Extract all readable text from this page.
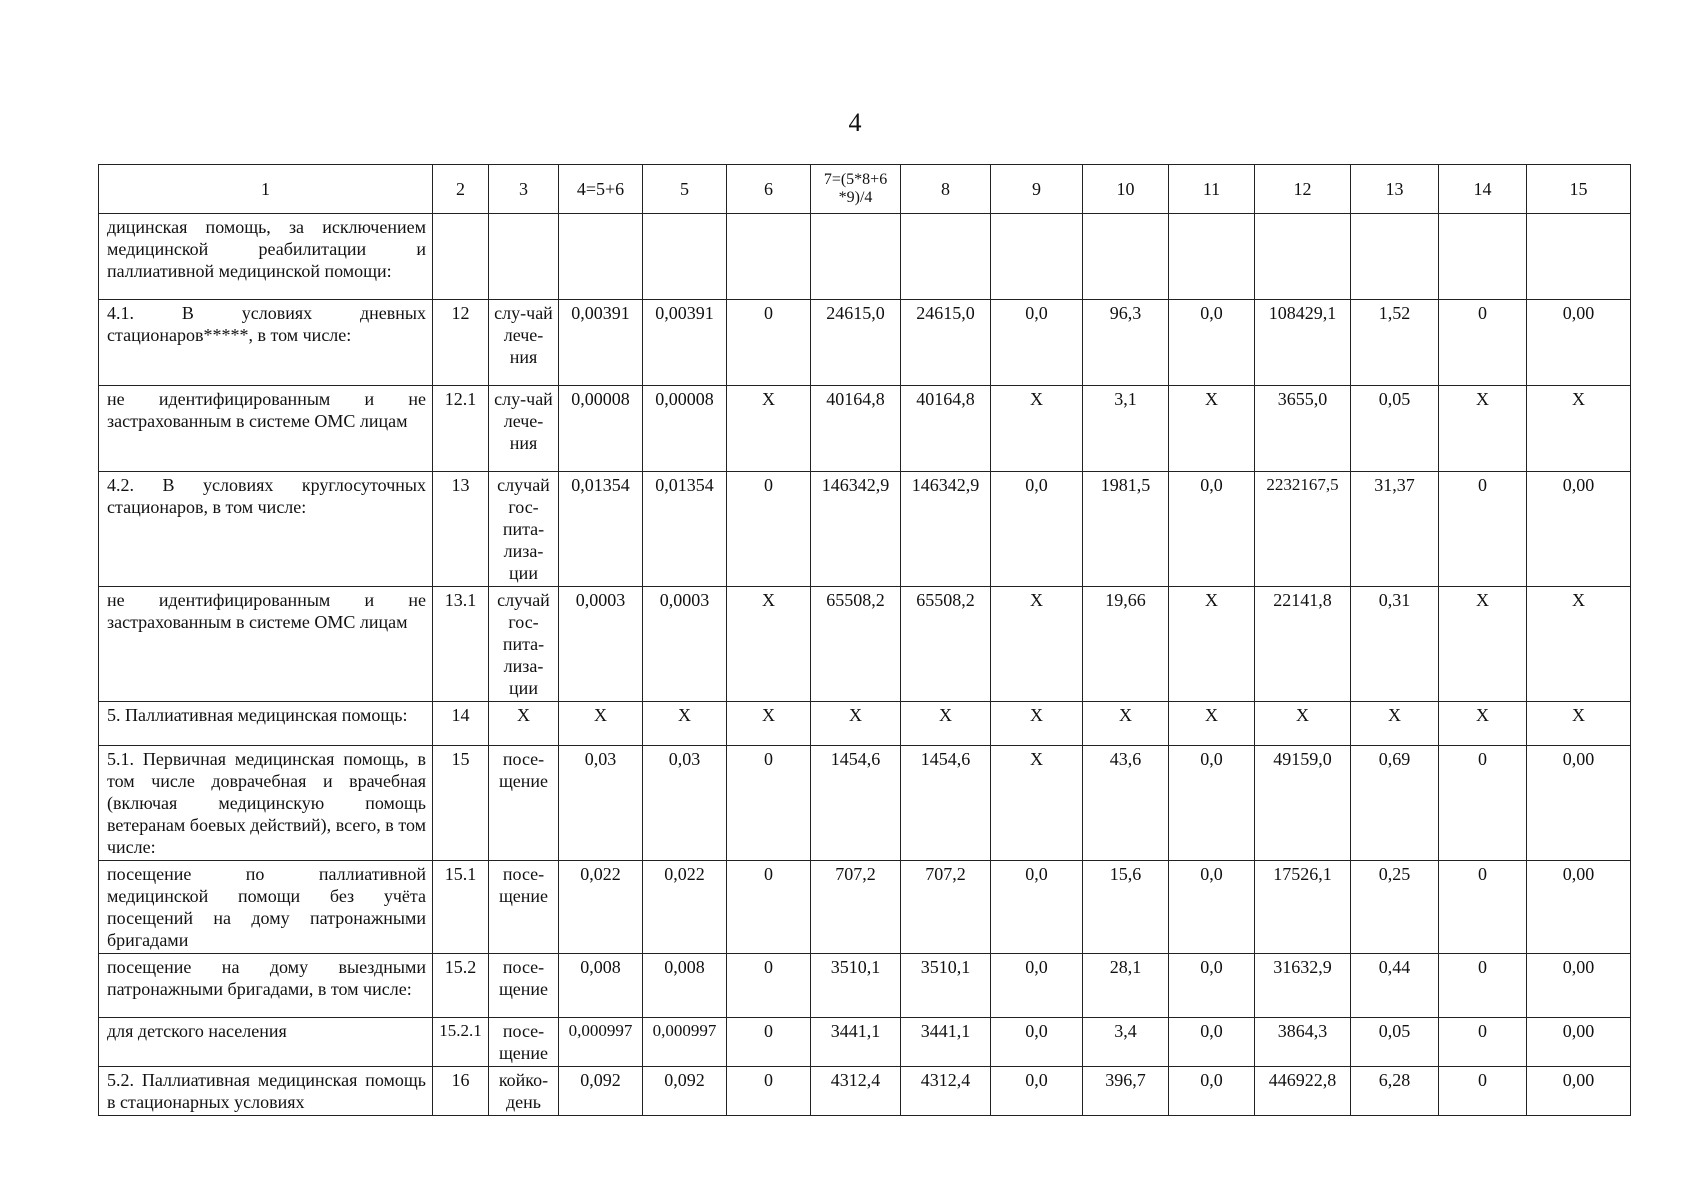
4
1	2	3	4=5+6	5	6	7=(5*8+6 *9)/4	8	9	10	11	12	13	14	15
дицинская помощь, за исключением медицинской реабилитации и паллиативной медицинской помощи:														
4.1. В условиях дневных стационаров*****, в том числе:	12	слу-чай лече-ния	0,00391	0,00391	0	24615,0	24615,0	0,0	96,3	0,0	108429,1	1,52	0	0,00
не идентифицированным и не застрахованным в системе ОМС лицам	12.1	слу-чай лече-ния	0,00008	0,00008	X	40164,8	40164,8	X	3,1	X	3655,0	0,05	X	X
4.2. В условиях круглосуточных стационаров, в том числе:	13	случай гос-пита-лиза-ции	0,01354	0,01354	0	146342,9	146342,9	0,0	1981,5	0,0	2232167,5	31,37	0	0,00
не идентифицированным и не застрахованным в системе ОМС лицам	13.1	случай гос-пита-лиза-ции	0,0003	0,0003	X	65508,2	65508,2	X	19,66	X	22141,8	0,31	X	X
5. Паллиативная медицинская помощь:	14	X	X	X	X	X	X	X	X	X	X	X	X	X
5.1. Первичная медицинская помощь, в том числе доврачебная и врачебная (включая медицинскую помощь ветеранам боевых действий), всего, в том числе:	15	посе-щение	0,03	0,03	0	1454,6	1454,6	X	43,6	0,0	49159,0	0,69	0	0,00
посещение по паллиативной медицинской помощи без учёта посещений на дому патронажными бригадами	15.1	посе-щение	0,022	0,022	0	707,2	707,2	0,0	15,6	0,0	17526,1	0,25	0	0,00
посещение на дому выездными патронажными бригадами, в том числе:	15.2	посе-щение	0,008	0,008	0	3510,1	3510,1	0,0	28,1	0,0	31632,9	0,44	0	0,00
для детского населения	15.2.1	посе-щение	0,000997	0,000997	0	3441,1	3441,1	0,0	3,4	0,0	3864,3	0,05	0	0,00
5.2. Паллиативная медицинская помощь в стационарных условиях	16	койко-день	0,092	0,092	0	4312,4	4312,4	0,0	396,7	0,0	446922,8	6,28	0	0,00
